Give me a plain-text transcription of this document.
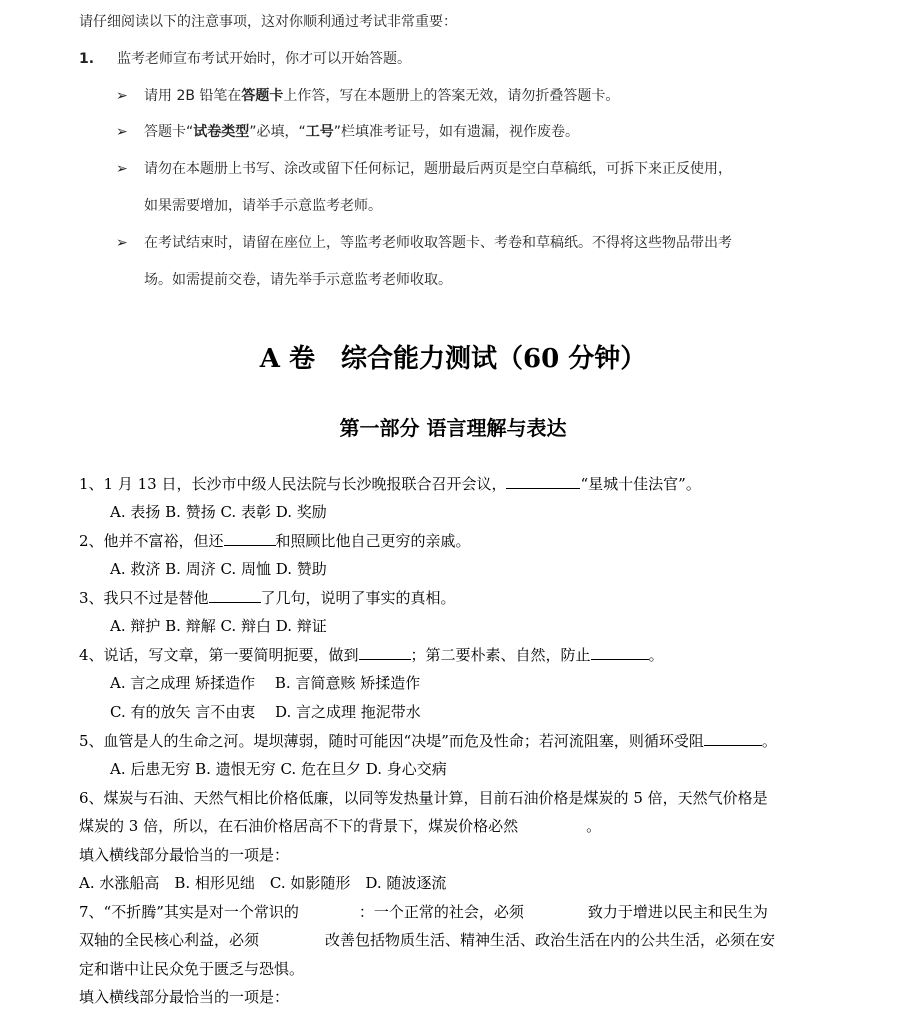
请仔细阅读以下的注意事项，这对你顺利通过考试非常重要：
1. 监考老师宣布考试开始时，你才可以开始答题。
➢ 请用 2B 铅笔在答题卡上作答，写在本题册上的答案无效，请勿折叠答题卡。
➢ 答题卡“试卷类型”必填，“工号”栏填准考证号，如有遗漏，视作废卷。
➢ 请勿在本题册上书写、涂改或留下任何标记，题册最后两页是空白草稿纸，可拆下来正反使用，
如果需要增加，请举手示意监考老师。
➢ 在考试结束时，请留在座位上，等监考老师收取答题卡、考卷和草稿纸。不得将这些物品带出考
场。如需提前交卷，请先举手示意监考老师收取。
A 卷　综合能力测试（60 分钟）
第一部分 语言理解与表达
1、1 月 13 日，长沙市中级人民法院与长沙晚报联合召开会议，	“星城十佳法官”。
A. 表扬 B. 赞扬 C. 表彰 D. 奖励
2、他并不富裕，但还	和照顾比他自己更穷的亲戚。
A. 救济 B. 周济 C. 周恤 D. 赞助
3、我只不过是替他	了几句，说明了事实的真相。
A. 辩护 B. 辩解 C. 辩白 D. 辩证
4、说话，写文章，第一要简明扼要，做到	；第二要朴素、自然，防止	。
A. 言之成理 矫揉造作　 B. 言简意赅 矫揉造作
C. 有的放矢 言不由衷　 D. 言之成理 拖泥带水
5、血管是人的生命之河。堤坝薄弱，随时可能因“决堤”而危及性命；若河流阻塞，则循环受阻	。
A. 后患无穷 B. 遗恨无穷 C. 危在旦夕 D. 身心交病
6、煤炭与石油、天然气相比价格低廉，以同等发热量计算，目前石油价格是煤炭的 5 倍，天然气价格是
煤炭的 3 倍，所以，在石油价格居高不下的背景下，煤炭价格必然	。
填入横线部分最恰当的一项是：
A. 水涨船高　B. 相形见绌　C. 如影随形　D. 随波逐流
7、“不折腾”其实是对一个常识的	：一个正常的社会，必须	致力于增进以民主和民生为
双轴的全民核心利益，必须	改善包括物质生活、精神生活、政治生活在内的公共生活，必须在安
定和谐中让民众免于匮乏与恐惧。
填入横线部分最恰当的一项是：
